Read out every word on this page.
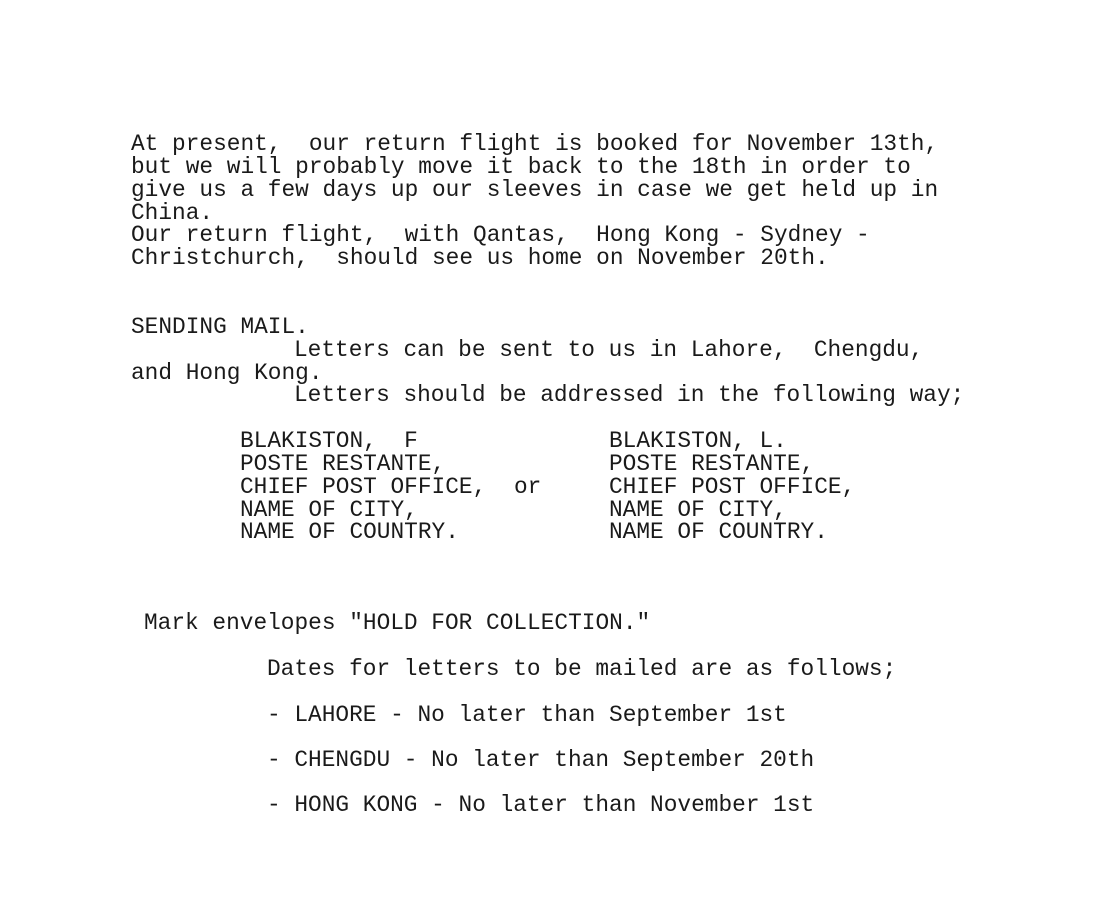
At present,  our return flight is booked for November 13th,

but we will probably move it back to the 18th in order to

give us a few days up our sleeves in case we get held up in

China.

Our return flight,  with Qantas,  Hong Kong - Sydney -

Christchurch,  should see us home on November 20th.

SENDING MAIL.

Letters can be sent to us in Lahore,  Chengdu,

and Hong Kong.

Letters should be addressed in the following way;

BLAKISTON,  F

POSTE RESTANTE,

CHIEF POST OFFICE,

NAME OF CITY,

NAME OF COUNTRY.

or

BLAKISTON, L.

POSTE RESTANTE,

CHIEF POST OFFICE,

NAME OF CITY,

NAME OF COUNTRY.

Mark envelopes "HOLD FOR COLLECTION."

Dates for letters to be mailed are as follows;

- LAHORE - No later than September 1st

- CHENGDU - No later than September 20th

- HONG KONG - No later than November 1st
